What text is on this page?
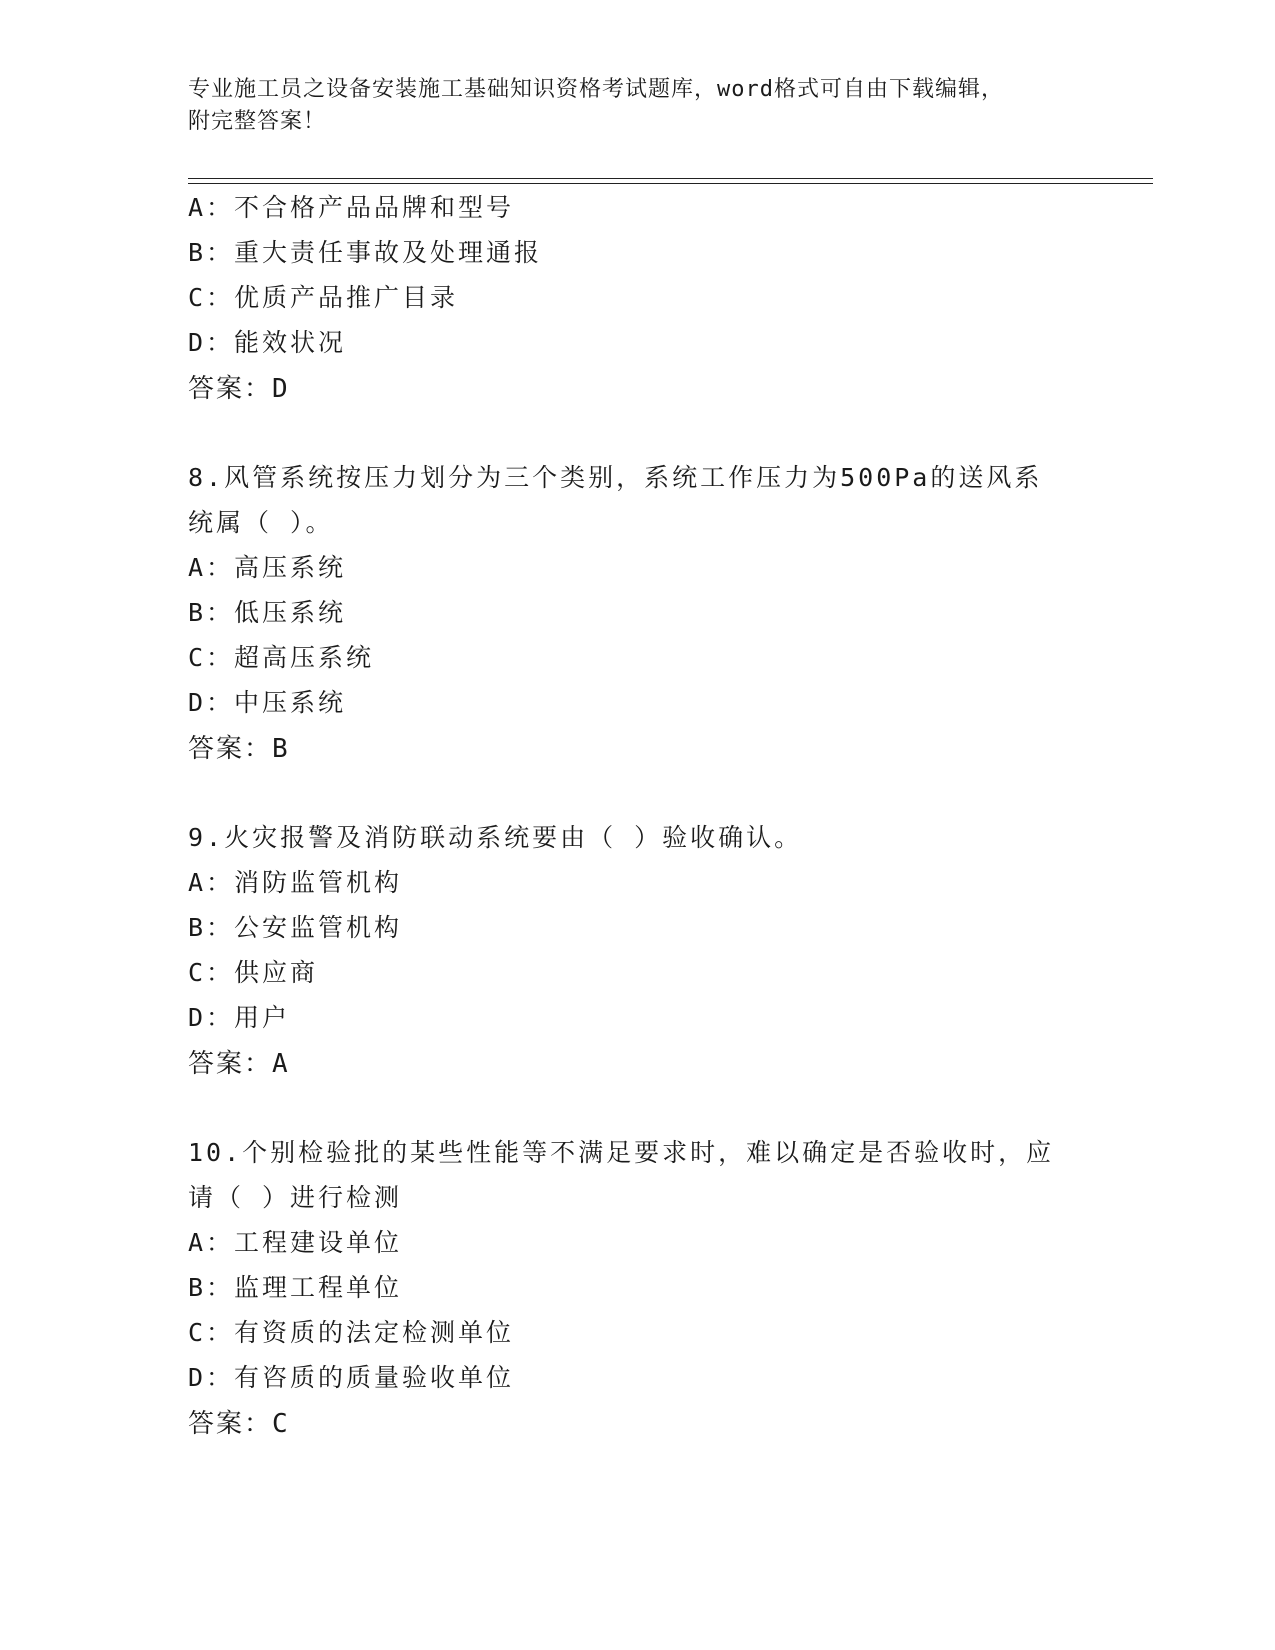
专业施工员之设备安装施工基础知识资格考试题库，word格式可自由下载编辑，
附完整答案！
A：不合格产品品牌和型号
B：重大责任事故及处理通报
C：优质产品推广目录
D：能效状况
答案：D
8.风管系统按压力划分为三个类别，系统工作压力为500Pa的送风系
统属（ ）。
A：高压系统
B：低压系统
C：超高压系统
D：中压系统
答案：B
9.火灾报警及消防联动系统要由（ ）验收确认。
A：消防监管机构
B：公安监管机构
C：供应商
D：用户
答案：A
10.个别检验批的某些性能等不满足要求时，难以确定是否验收时，应
请（ ）进行检测
A：工程建设单位
B：监理工程单位
C：有资质的法定检测单位
D：有咨质的质量验收单位
答案：C
